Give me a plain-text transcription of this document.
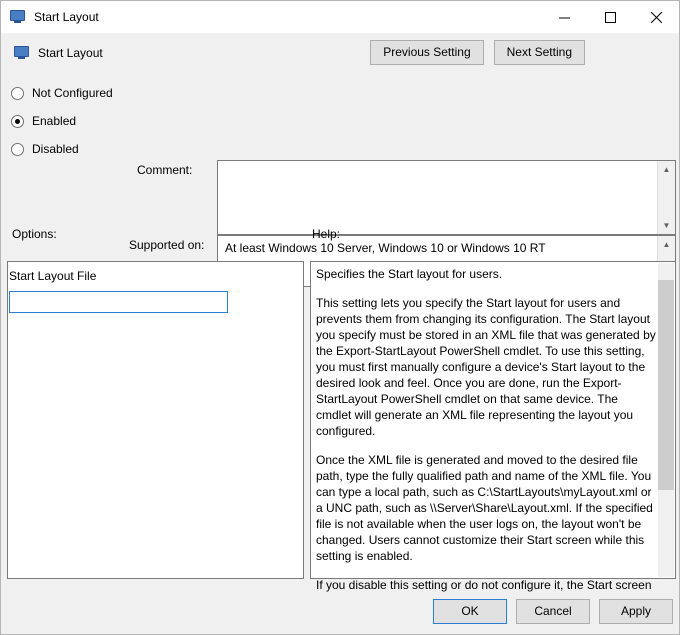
Start Layout
Start Layout	Previous Setting	Next Setting
Not Configured
Enabled
Disabled
Comment:	▲
▼
Supported on:	At least Windows 10 Server, Windows 10 or Windows 10 RT	▲
Options:	Help:
Start Layout File	Specifies the Start layout for users.

This setting lets you specify the Start layout for users and prevents them from changing its configuration. The Start layout you specify must be stored in an XML file that was generated by the Export-StartLayout PowerShell cmdlet. To use this setting, you must first manually configure a device's Start layout to the desired look and feel. Once you are done, run the Export-StartLayout PowerShell cmdlet on that same device. The cmdlet will generate an XML file representing the layout you configured.

Once the XML file is generated and moved to the desired file path, type the fully qualified path and name of the XML file. You can type a local path, such as C:\StartLayouts\myLayout.xml or a UNC path, such as \\Server\Share\Layout.xml. If the specified file is not available when the user logs on, the layout won't be changed. Users cannot customize their Start screen while this setting is enabled.

If you disable this setting or do not configure it, the Start screen

OK	Cancel	Apply
